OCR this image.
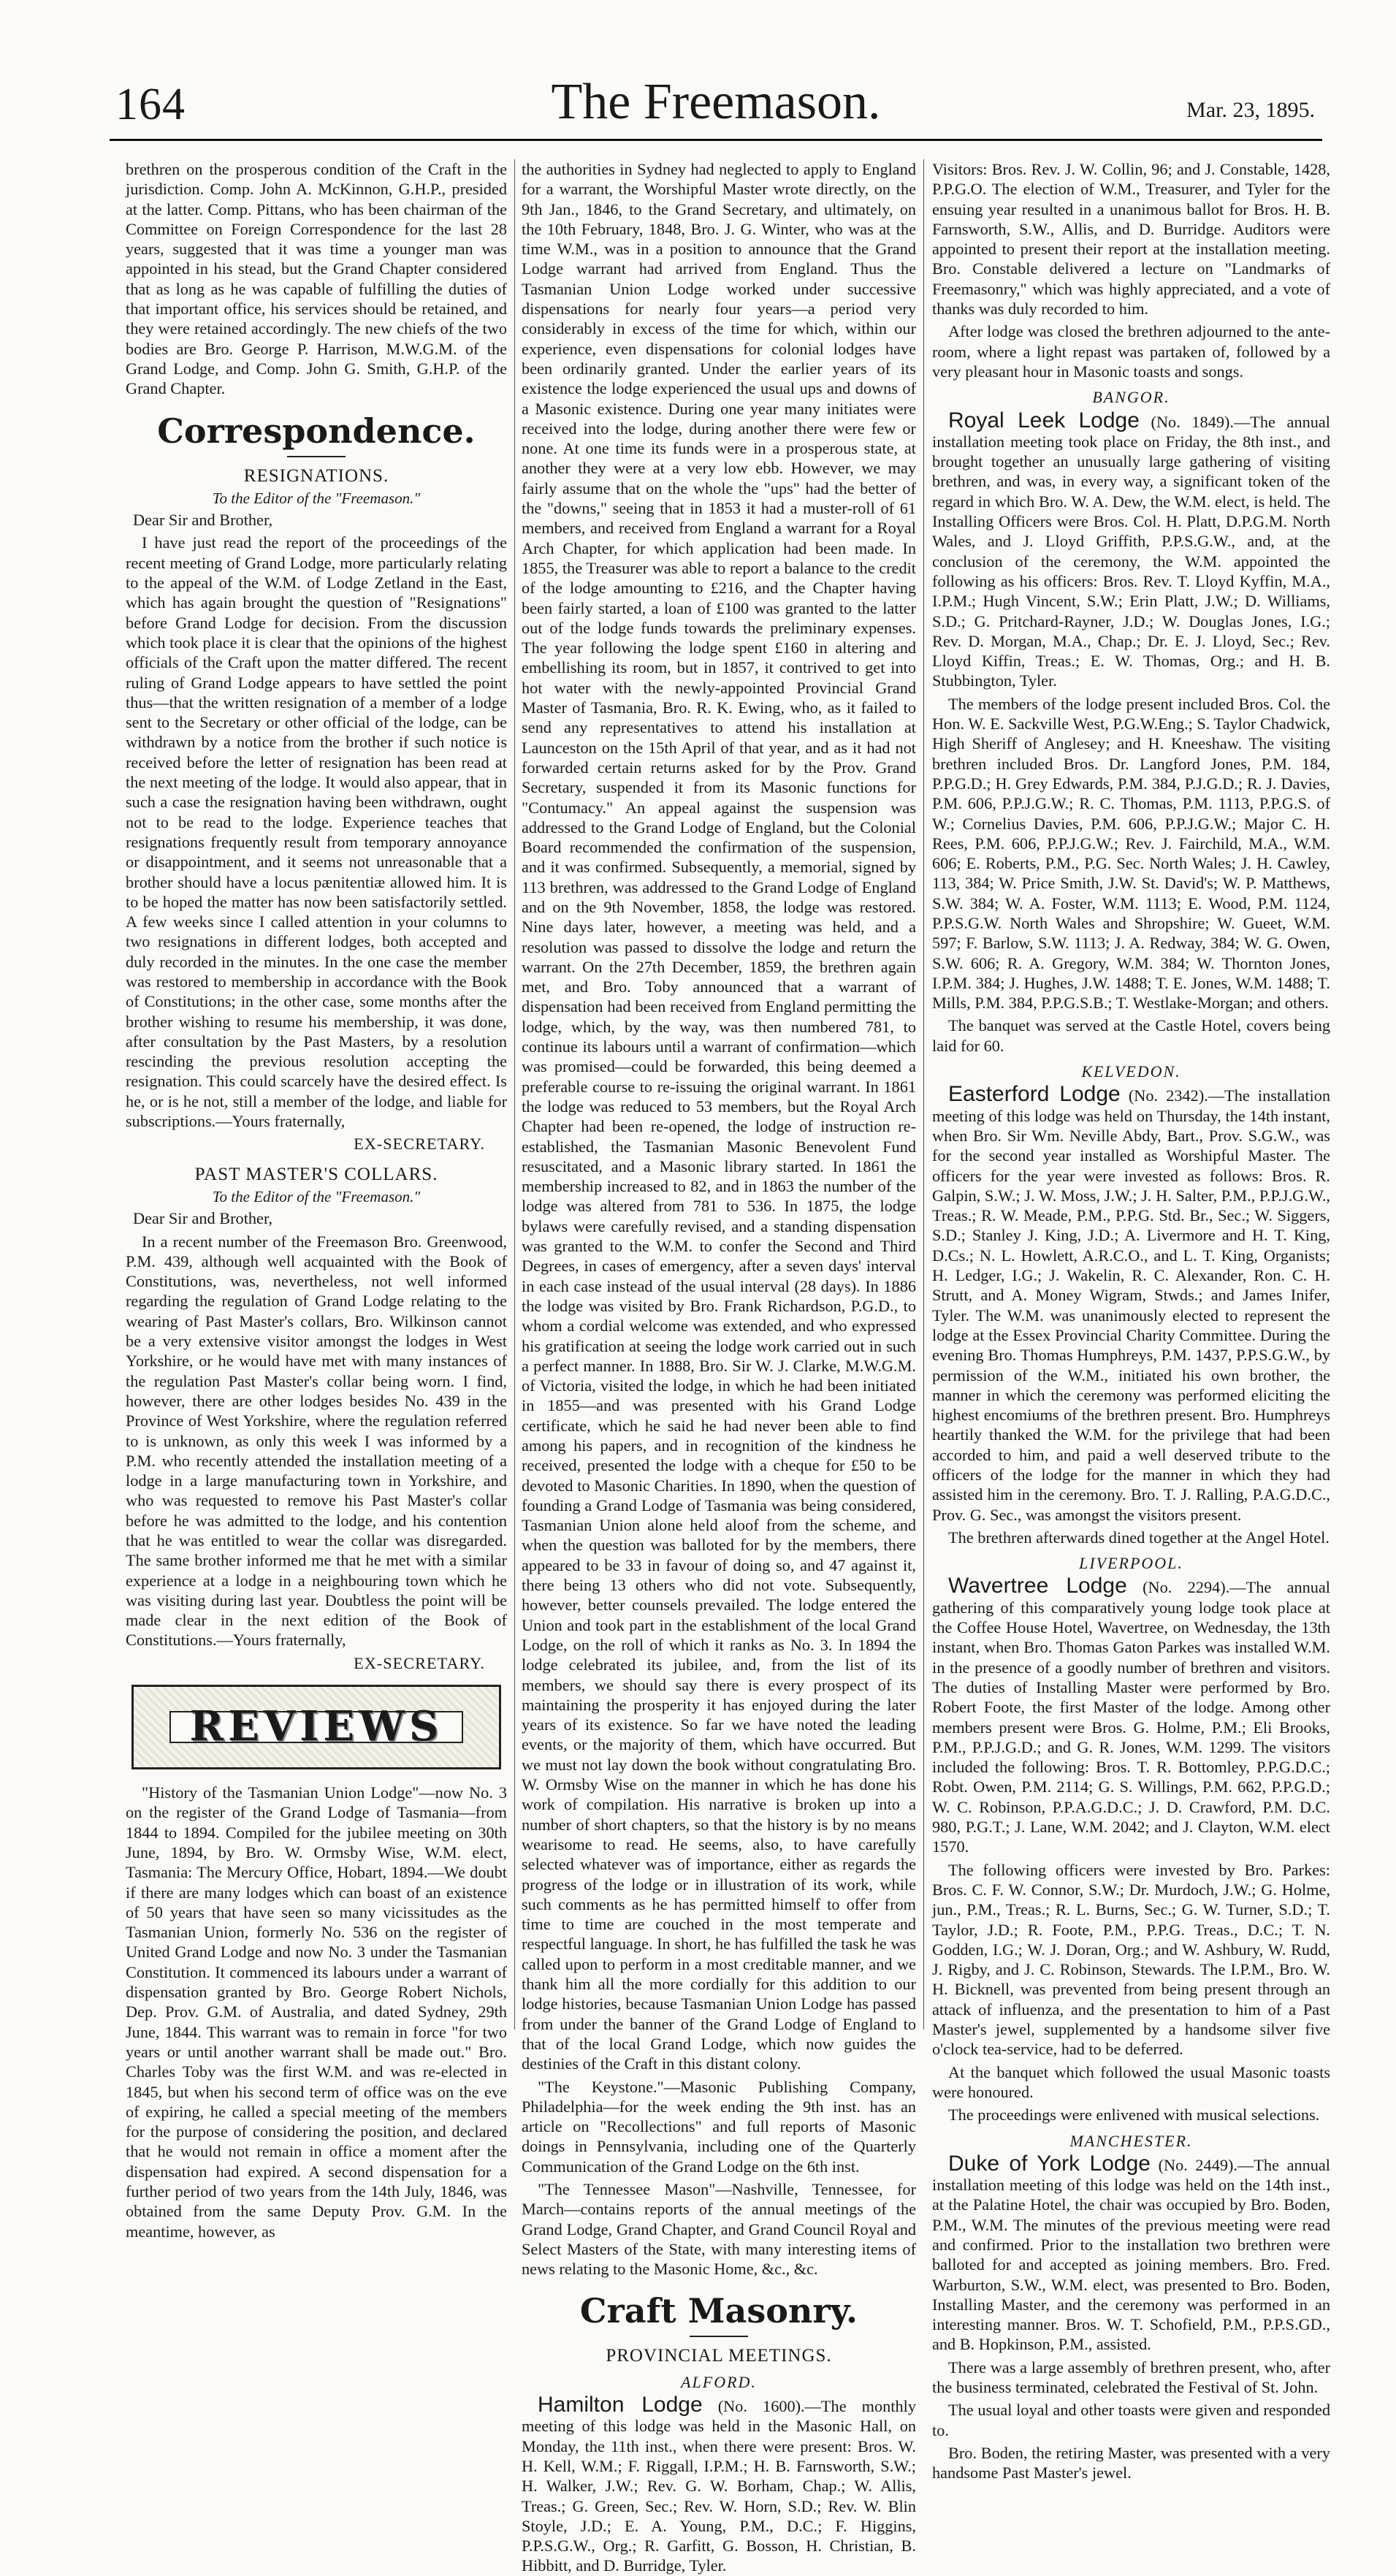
164	The Freemason.	Mar. 23, 1895.

brethren on the prosperous condition of the Craft in the jurisdiction. Comp. John A. McKinnon, G.H.P., presided at the latter. Comp. Pittans, who has been chairman of the Committee on Foreign Correspondence for the last 28 years, suggested that it was time a younger man was appointed in his stead, but the Grand Chapter considered that as long as he was capable of fulfilling the duties of that important office, his services should be retained, and they were retained accordingly. The new chiefs of the two bodies are Bro. George P. Harrison, M.W.G.M. of the Grand Lodge, and Comp. John G. Smith, G.H.P. of the Grand Chapter.

Correspondence.
RESIGNATIONS.
To the Editor of the "Freemason."
Dear Sir and Brother,

I have just read the report of the proceedings of the recent meeting of Grand Lodge, more particularly relating to the appeal of the W.M. of Lodge Zetland in the East, which has again brought the question of "Resignations" before Grand Lodge for decision. From the discussion which took place it is clear that the opinions of the highest officials of the Craft upon the matter differed. The recent ruling of Grand Lodge appears to have settled the point thus—that the written resignation of a member of a lodge sent to the Secretary or other official of the lodge, can be withdrawn by a notice from the brother if such notice is received before the letter of resignation has been read at the next meeting of the lodge. It would also appear, that in such a case the resignation having been withdrawn, ought not to be read to the lodge. Experience teaches that resignations frequently result from temporary annoyance or disappointment, and it seems not unreasonable that a brother should have a locus pænitentiæ allowed him. It is to be hoped the matter has now been satisfactorily settled. A few weeks since I called attention in your columns to two resignations in different lodges, both accepted and duly recorded in the minutes. In the one case the member was restored to membership in accordance with the Book of Constitutions; in the other case, some months after the brother wishing to resume his membership, it was done, after consultation by the Past Masters, by a resolution rescinding the previous resolution accepting the resignation. This could scarcely have the desired effect. Is he, or is he not, still a member of the lodge, and liable for subscriptions.—Yours fraternally,

EX-SECRETARY.
PAST MASTER'S COLLARS.
To the Editor of the "Freemason."
Dear Sir and Brother,

In a recent number of the Freemason Bro. Greenwood, P.M. 439, although well acquainted with the Book of Constitutions, was, nevertheless, not well informed regarding the regulation of Grand Lodge relating to the wearing of Past Master's collars, Bro. Wilkinson cannot be a very extensive visitor amongst the lodges in West Yorkshire, or he would have met with many instances of the regulation Past Master's collar being worn. I find, however, there are other lodges besides No. 439 in the Province of West Yorkshire, where the regulation referred to is unknown, as only this week I was informed by a P.M. who recently attended the installation meeting of a lodge in a large manufacturing town in Yorkshire, and who was requested to remove his Past Master's collar before he was admitted to the lodge, and his contention that he was entitled to wear the collar was disregarded. The same brother informed me that he met with a similar experience at a lodge in a neighbouring town which he was visiting during last year. Doubtless the point will be made clear in the next edition of the Book of Constitutions.—Yours fraternally,

EX-SECRETARY.
REVIEWS

"History of the Tasmanian Union Lodge"—now No. 3 on the register of the Grand Lodge of Tasmania—from 1844 to 1894. Compiled for the jubilee meeting on 30th June, 1894, by Bro. W. Ormsby Wise, W.M. elect, Tasmania: The Mercury Office, Hobart, 1894.—We doubt if there are many lodges which can boast of an existence of 50 years that have seen so many vicissitudes as the Tasmanian Union, formerly No. 536 on the register of United Grand Lodge and now No. 3 under the Tasmanian Constitution. It commenced its labours under a warrant of dispensation granted by Bro. George Robert Nichols, Dep. Prov. G.M. of Australia, and dated Sydney, 29th June, 1844. This warrant was to remain in force "for two years or until another warrant shall be made out." Bro. Charles Toby was the first W.M. and was re-elected in 1845, but when his second term of office was on the eve of expiring, he called a special meeting of the members for the purpose of considering the position, and declared that he would not remain in office a moment after the dispensation had expired. A second dispensation for a further period of two years from the 14th July, 1846, was obtained from the same Deputy Prov. G.M. In the meantime, however, as

the authorities in Sydney had neglected to apply to England for a warrant, the Worshipful Master wrote directly, on the 9th Jan., 1846, to the Grand Secretary, and ultimately, on the 10th February, 1848, Bro. J. G. Winter, who was at the time W.M., was in a position to announce that the Grand Lodge warrant had arrived from England. Thus the Tasmanian Union Lodge worked under successive dispensations for nearly four years—a period very considerably in excess of the time for which, within our experience, even dispensations for colonial lodges have been ordinarily granted. Under the earlier years of its existence the lodge experienced the usual ups and downs of a Masonic existence. During one year many initiates were received into the lodge, during another there were few or none. At one time its funds were in a prosperous state, at another they were at a very low ebb. However, we may fairly assume that on the whole the "ups" had the better of the "downs," seeing that in 1853 it had a muster-roll of 61 members, and received from England a warrant for a Royal Arch Chapter, for which application had been made. In 1855, the Treasurer was able to report a balance to the credit of the lodge amounting to £216, and the Chapter having been fairly started, a loan of £100 was granted to the latter out of the lodge funds towards the preliminary expenses. The year following the lodge spent £160 in altering and embellishing its room, but in 1857, it contrived to get into hot water with the newly-appointed Provincial Grand Master of Tasmania, Bro. R. K. Ewing, who, as it failed to send any representatives to attend his installation at Launceston on the 15th April of that year, and as it had not forwarded certain returns asked for by the Prov. Grand Secretary, suspended it from its Masonic functions for "Contumacy." An appeal against the suspension was addressed to the Grand Lodge of England, but the Colonial Board recommended the confirmation of the suspension, and it was confirmed. Subsequently, a memorial, signed by 113 brethren, was addressed to the Grand Lodge of England and on the 9th November, 1858, the lodge was restored. Nine days later, however, a meeting was held, and a resolution was passed to dissolve the lodge and return the warrant. On the 27th December, 1859, the brethren again met, and Bro. Toby announced that a warrant of dispensation had been received from England permitting the lodge, which, by the way, was then numbered 781, to continue its labours until a warrant of confirmation—which was promised—could be forwarded, this being deemed a preferable course to re-issuing the original warrant. In 1861 the lodge was reduced to 53 members, but the Royal Arch Chapter had been re-opened, the lodge of instruction re-established, the Tasmanian Masonic Benevolent Fund resuscitated, and a Masonic library started. In 1861 the membership increased to 82, and in 1863 the number of the lodge was altered from 781 to 536. In 1875, the lodge bylaws were carefully revised, and a standing dispensation was granted to the W.M. to confer the Second and Third Degrees, in cases of emergency, after a seven days' interval in each case instead of the usual interval (28 days). In 1886 the lodge was visited by Bro. Frank Richardson, P.G.D., to whom a cordial welcome was extended, and who expressed his gratification at seeing the lodge work carried out in such a perfect manner. In 1888, Bro. Sir W. J. Clarke, M.W.G.M. of Victoria, visited the lodge, in which he had been initiated in 1855—and was presented with his Grand Lodge certificate, which he said he had never been able to find among his papers, and in recognition of the kindness he received, presented the lodge with a cheque for £50 to be devoted to Masonic Charities. In 1890, when the question of founding a Grand Lodge of Tasmania was being considered, Tasmanian Union alone held aloof from the scheme, and when the question was balloted for by the members, there appeared to be 33 in favour of doing so, and 47 against it, there being 13 others who did not vote. Subsequently, however, better counsels prevailed. The lodge entered the Union and took part in the establishment of the local Grand Lodge, on the roll of which it ranks as No. 3. In 1894 the lodge celebrated its jubilee, and, from the list of its members, we should say there is every prospect of its maintaining the prosperity it has enjoyed during the later years of its existence. So far we have noted the leading events, or the majority of them, which have occurred. But we must not lay down the book without congratulating Bro. W. Ormsby Wise on the manner in which he has done his work of compilation. His narrative is broken up into a number of short chapters, so that the history is by no means wearisome to read. He seems, also, to have carefully selected whatever was of importance, either as regards the progress of the lodge or in illustration of its work, while such comments as he has permitted himself to offer from time to time are couched in the most temperate and respectful language. In short, he has fulfilled the task he was called upon to perform in a most creditable manner, and we thank him all the more cordially for this addition to our lodge histories, because Tasmanian Union Lodge has passed from under the banner of the Grand Lodge of England to that of the local Grand Lodge, which now guides the destinies of the Craft in this distant colony.

"The Keystone."—Masonic Publishing Company, Philadelphia—for the week ending the 9th inst. has an article on "Recollections" and full reports of Masonic doings in Pennsylvania, including one of the Quarterly Communication of the Grand Lodge on the 6th inst.

"The Tennessee Mason"—Nashville, Tennessee, for March—contains reports of the annual meetings of the Grand Lodge, Grand Chapter, and Grand Council Royal and Select Masters of the State, with many interesting items of news relating to the Masonic Home, &c., &c.

Craft Masonry.
PROVINCIAL MEETINGS.
ALFORD.

Hamilton Lodge (No. 1600).—The monthly meeting of this lodge was held in the Masonic Hall, on Monday, the 11th inst., when there were present: Bros. W. H. Kell, W.M.; F. Riggall, I.P.M.; H. B. Farnsworth, S.W.; H. Walker, J.W.; Rev. G. W. Borham, Chap.; W. Allis, Treas.; G. Green, Sec.; Rev. W. Horn, S.D.; Rev. W. Blin Stoyle, J.D.; E. A. Young, P.M., D.C.; F. Higgins, P.P.S.G.W., Org.; R. Garfitt, G. Bosson, H. Christian, B. Hibbitt, and D. Burridge, Tyler.

Visitors: Bros. Rev. J. W. Collin, 96; and J. Constable, 1428, P.P.G.O. The election of W.M., Treasurer, and Tyler for the ensuing year resulted in a unanimous ballot for Bros. H. B. Farnsworth, S.W., Allis, and D. Burridge. Auditors were appointed to present their report at the installation meeting. Bro. Constable delivered a lecture on "Landmarks of Freemasonry," which was highly appreciated, and a vote of thanks was duly recorded to him.

After lodge was closed the brethren adjourned to the ante-room, where a light repast was partaken of, followed by a very pleasant hour in Masonic toasts and songs.

BANGOR.

Royal Leek Lodge (No. 1849).—The annual installation meeting took place on Friday, the 8th inst., and brought together an unusually large gathering of visiting brethren, and was, in every way, a significant token of the regard in which Bro. W. A. Dew, the W.M. elect, is held. The Installing Officers were Bros. Col. H. Platt, D.P.G.M. North Wales, and J. Lloyd Griffith, P.P.S.G.W., and, at the conclusion of the ceremony, the W.M. appointed the following as his officers: Bros. Rev. T. Lloyd Kyffin, M.A., I.P.M.; Hugh Vincent, S.W.; Erin Platt, J.W.; D. Williams, S.D.; G. Pritchard-Rayner, J.D.; W. Douglas Jones, I.G.; Rev. D. Morgan, M.A., Chap.; Dr. E. J. Lloyd, Sec.; Rev. Lloyd Kiffin, Treas.; E. W. Thomas, Org.; and H. B. Stubbington, Tyler.

The members of the lodge present included Bros. Col. the Hon. W. E. Sackville West, P.G.W.Eng.; S. Taylor Chadwick, High Sheriff of Anglesey; and H. Kneeshaw. The visiting brethren included Bros. Dr. Langford Jones, P.M. 184, P.P.G.D.; H. Grey Edwards, P.M. 384, P.J.G.D.; R. J. Davies, P.M. 606, P.P.J.G.W.; R. C. Thomas, P.M. 1113, P.P.G.S. of W.; Cornelius Davies, P.M. 606, P.P.J.G.W.; Major C. H. Rees, P.M. 606, P.P.J.G.W.; Rev. J. Fairchild, M.A., W.M. 606; E. Roberts, P.M., P.G. Sec. North Wales; J. H. Cawley, 113, 384; W. Price Smith, J.W. St. David's; W. P. Matthews, S.W. 384; W. A. Foster, W.M. 1113; E. Wood, P.M. 1124, P.P.S.G.W. North Wales and Shropshire; W. Gueet, W.M. 597; F. Barlow, S.W. 1113; J. A. Redway, 384; W. G. Owen, S.W. 606; R. A. Gregory, W.M. 384; W. Thornton Jones, I.P.M. 384; J. Hughes, J.W. 1488; T. E. Jones, W.M. 1488; T. Mills, P.M. 384, P.P.G.S.B.; T. Westlake-Morgan; and others.

The banquet was served at the Castle Hotel, covers being laid for 60.

KELVEDON.

Easterford Lodge (No. 2342).—The installation meeting of this lodge was held on Thursday, the 14th instant, when Bro. Sir Wm. Neville Abdy, Bart., Prov. S.G.W., was for the second year installed as Worshipful Master. The officers for the year were invested as follows: Bros. R. Galpin, S.W.; J. W. Moss, J.W.; J. H. Salter, P.M., P.P.J.G.W., Treas.; R. W. Meade, P.M., P.P.G. Std. Br., Sec.; W. Siggers, S.D.; Stanley J. King, J.D.; A. Livermore and H. T. King, D.Cs.; N. L. Howlett, A.R.C.O., and L. T. King, Organists; H. Ledger, I.G.; J. Wakelin, R. C. Alexander, Ron. C. H. Strutt, and A. Money Wigram, Stwds.; and James Inifer, Tyler. The W.M. was unanimously elected to represent the lodge at the Essex Provincial Charity Committee. During the evening Bro. Thomas Humphreys, P.M. 1437, P.P.S.G.W., by permission of the W.M., initiated his own brother, the manner in which the ceremony was performed eliciting the highest encomiums of the brethren present. Bro. Humphreys heartily thanked the W.M. for the privilege that had been accorded to him, and paid a well deserved tribute to the officers of the lodge for the manner in which they had assisted him in the ceremony. Bro. T. J. Ralling, P.A.G.D.C., Prov. G. Sec., was amongst the visitors present.

The brethren afterwards dined together at the Angel Hotel.

LIVERPOOL.

Wavertree Lodge (No. 2294).—The annual gathering of this comparatively young lodge took place at the Coffee House Hotel, Wavertree, on Wednesday, the 13th instant, when Bro. Thomas Gaton Parkes was installed W.M. in the presence of a goodly number of brethren and visitors. The duties of Installing Master were performed by Bro. Robert Foote, the first Master of the lodge. Among other members present were Bros. G. Holme, P.M.; Eli Brooks, P.M., P.P.J.G.D.; and G. R. Jones, W.M. 1299. The visitors included the following: Bros. T. R. Bottomley, P.P.G.D.C.; Robt. Owen, P.M. 2114; G. S. Willings, P.M. 662, P.P.G.D.; W. C. Robinson, P.P.A.G.D.C.; J. D. Crawford, P.M. D.C. 980, P.G.T.; J. Lane, W.M. 2042; and J. Clayton, W.M. elect 1570.

The following officers were invested by Bro. Parkes: Bros. C. F. W. Connor, S.W.; Dr. Murdoch, J.W.; G. Holme, jun., P.M., Treas.; R. L. Burns, Sec.; G. W. Turner, S.D.; T. Taylor, J.D.; R. Foote, P.M., P.P.G. Treas., D.C.; T. N. Godden, I.G.; W. J. Doran, Org.; and W. Ashbury, W. Rudd, J. Rigby, and J. C. Robinson, Stewards. The I.P.M., Bro. W. H. Bicknell, was prevented from being present through an attack of influenza, and the presentation to him of a Past Master's jewel, supplemented by a handsome silver five o'clock tea-service, had to be deferred.

At the banquet which followed the usual Masonic toasts were honoured.

The proceedings were enlivened with musical selections.

MANCHESTER.

Duke of York Lodge (No. 2449).—The annual installation meeting of this lodge was held on the 14th inst., at the Palatine Hotel, the chair was occupied by Bro. Boden, P.M., W.M. The minutes of the previous meeting were read and confirmed. Prior to the installation two brethren were balloted for and accepted as joining members. Bro. Fred. Warburton, S.W., W.M. elect, was presented to Bro. Boden, Installing Master, and the ceremony was performed in an interesting manner. Bros. W. T. Schofield, P.M., P.P.S.GD., and B. Hopkinson, P.M., assisted.

There was a large assembly of brethren present, who, after the business terminated, celebrated the Festival of St. John.

The usual loyal and other toasts were given and responded to.

Bro. Boden, the retiring Master, was presented with a very handsome Past Master's jewel.
